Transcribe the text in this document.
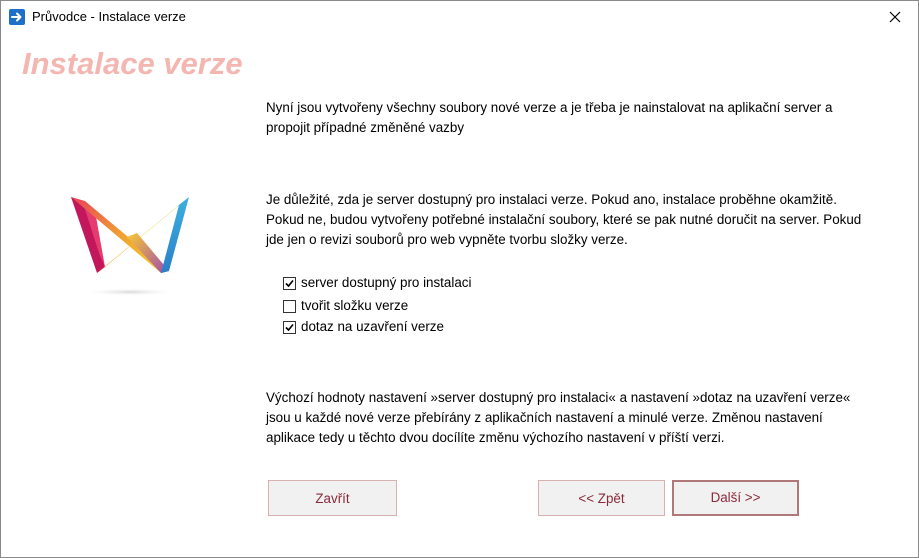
Průvodce - Instalace verze
Instalace verze
Nyní jsou vytvořeny všechny soubory nové verze a je třeba je nainstalovat na aplikační server a propojit případné změněné vazby
Je důležité, zda je server dostupný pro instalaci verze. Pokud ano, instalace proběhne okamžitě. Pokud ne, budou vytvořeny potřebné instalační soubory, které se pak nutné doručit na server. Pokud jde jen o revizi souborů pro web vypněte tvorbu složky verze.
server dostupný pro instalaci
tvořit složku verze
dotaz na uzavření verze
Výchozí hodnoty nastavení »server dostupný pro instalaci« a nastavení »dotaz na uzavření verze« jsou u každé nové verze přebírány z aplikačních nastavení a minulé verze. Změnou nastavení aplikace tedy u těchto dvou docílíte změnu výchozího nastavení v příští verzi.
Zavřít	<< Zpět	Další >>
